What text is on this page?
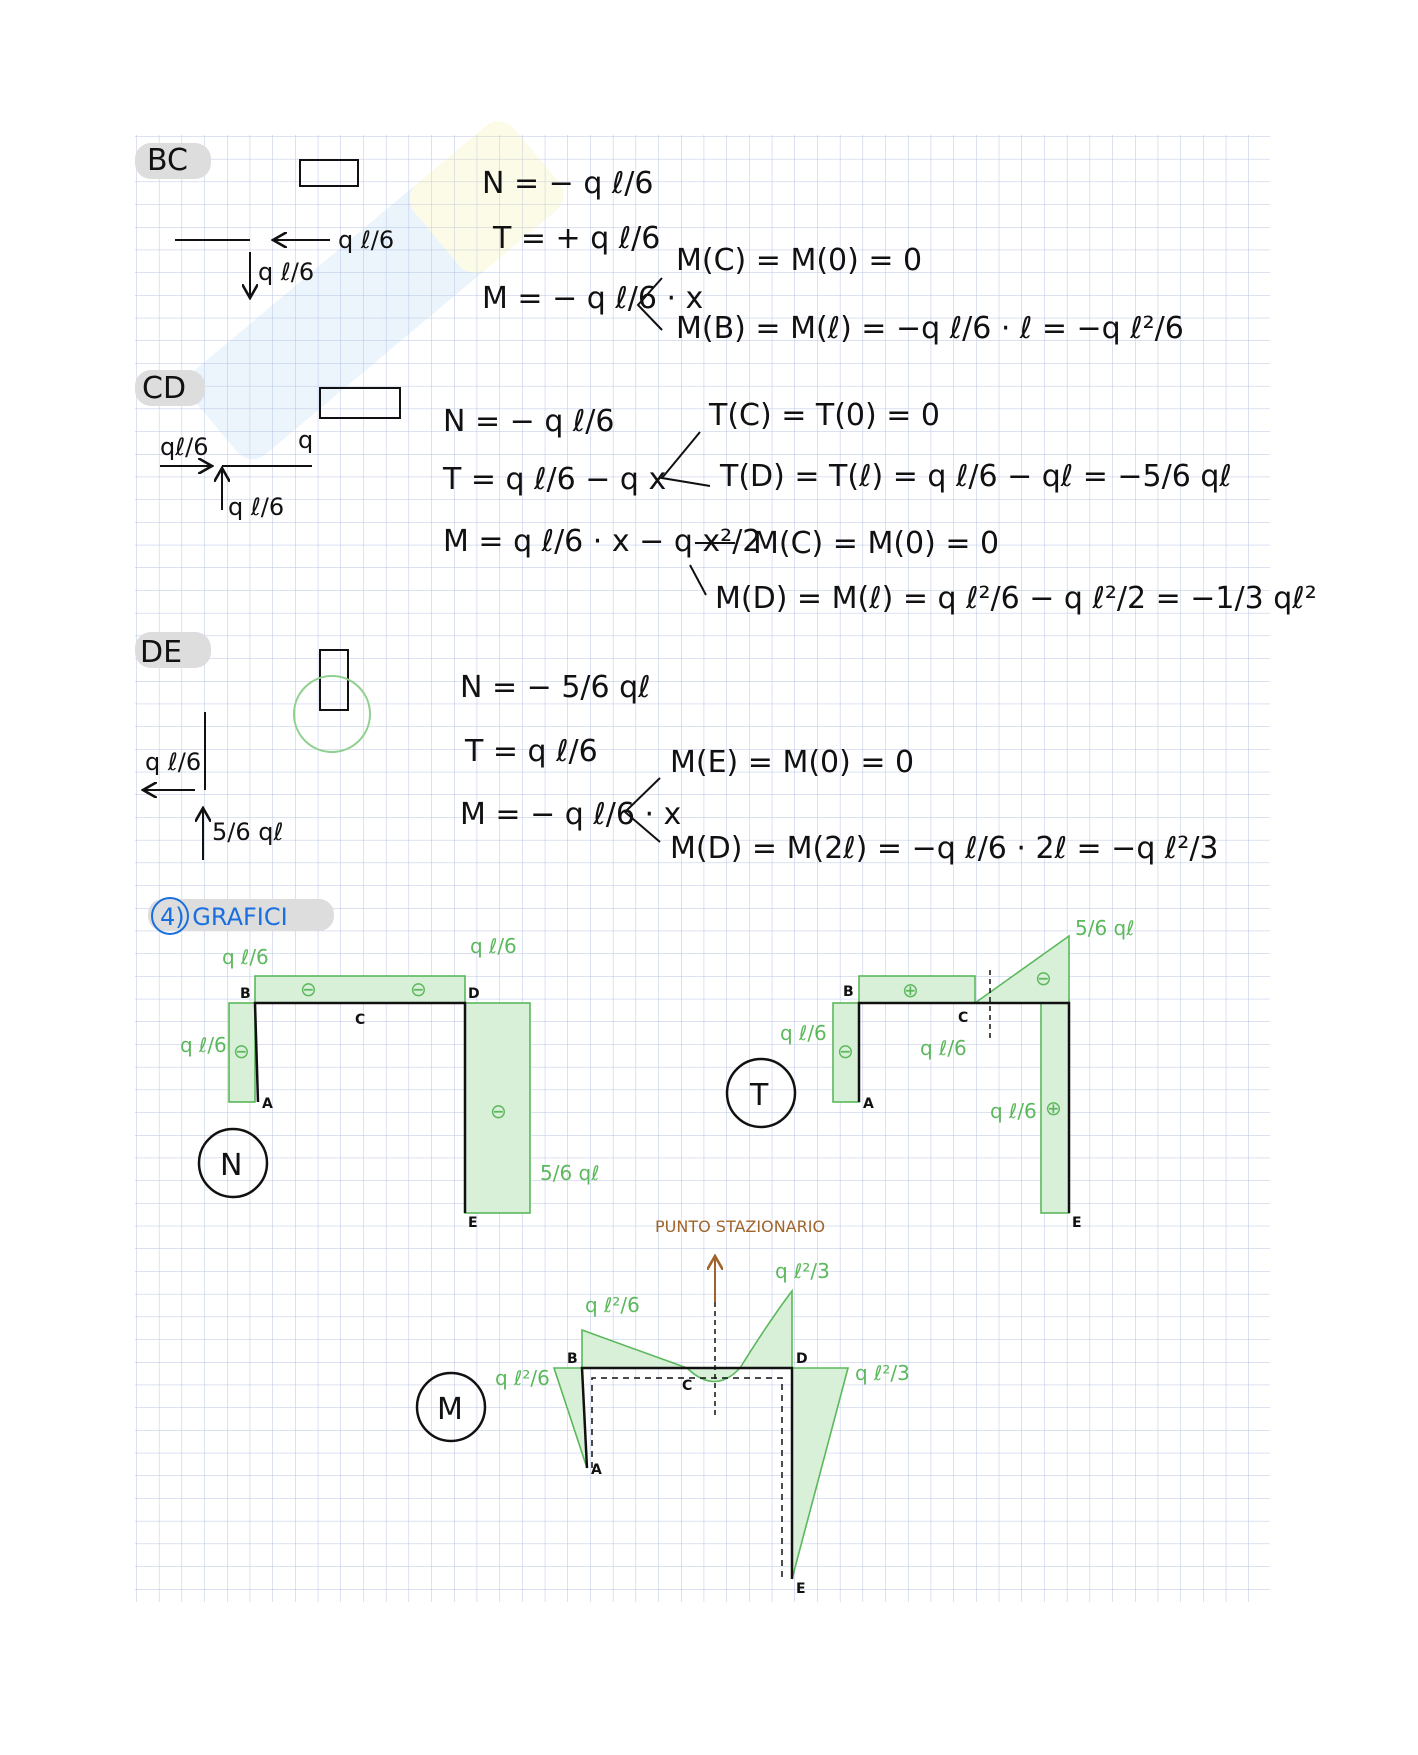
BC
q ℓ/6
q ℓ/6
N = − q ℓ/6
T = + q ℓ/6
M = − q ℓ/6 · x
M(C) = M(0) = 0
M(B) = M(ℓ) = −q ℓ/6 · ℓ = −q ℓ²/6
CD
qℓ/6	q
q ℓ/6
N = − q ℓ/6
T = q ℓ/6 − q x
M = q ℓ/6 · x − q x²/2
T(C) = T(0) = 0
T(D) = T(ℓ) = q ℓ/6 − qℓ = −5/6 qℓ
M(C) = M(0) = 0
M(D) = M(ℓ) = q ℓ²/6 − q ℓ²/2 = −1/3 qℓ²
DE
q ℓ/6
5/6 qℓ
N = − 5/6 qℓ
T = q ℓ/6
M = − q ℓ/6 · x
M(E) = M(0) = 0
M(D) = M(2ℓ) = −q ℓ/6 · 2ℓ = −q ℓ²/3
4) GRAFICI
A
B
C
D
E
⊖	⊖
⊖
⊖
q ℓ/6	q ℓ/6
q ℓ/6
5/6 qℓ
N
A
B
C
E
⊖
⊕	⊖
⊕
q ℓ/6
q ℓ/6
q ℓ/6
5/6 qℓ
T
PUNTO STAZIONARIO
A
B
C
D
E
q ℓ²/6
q ℓ²/6
q ℓ²/3
q ℓ²/3
M
